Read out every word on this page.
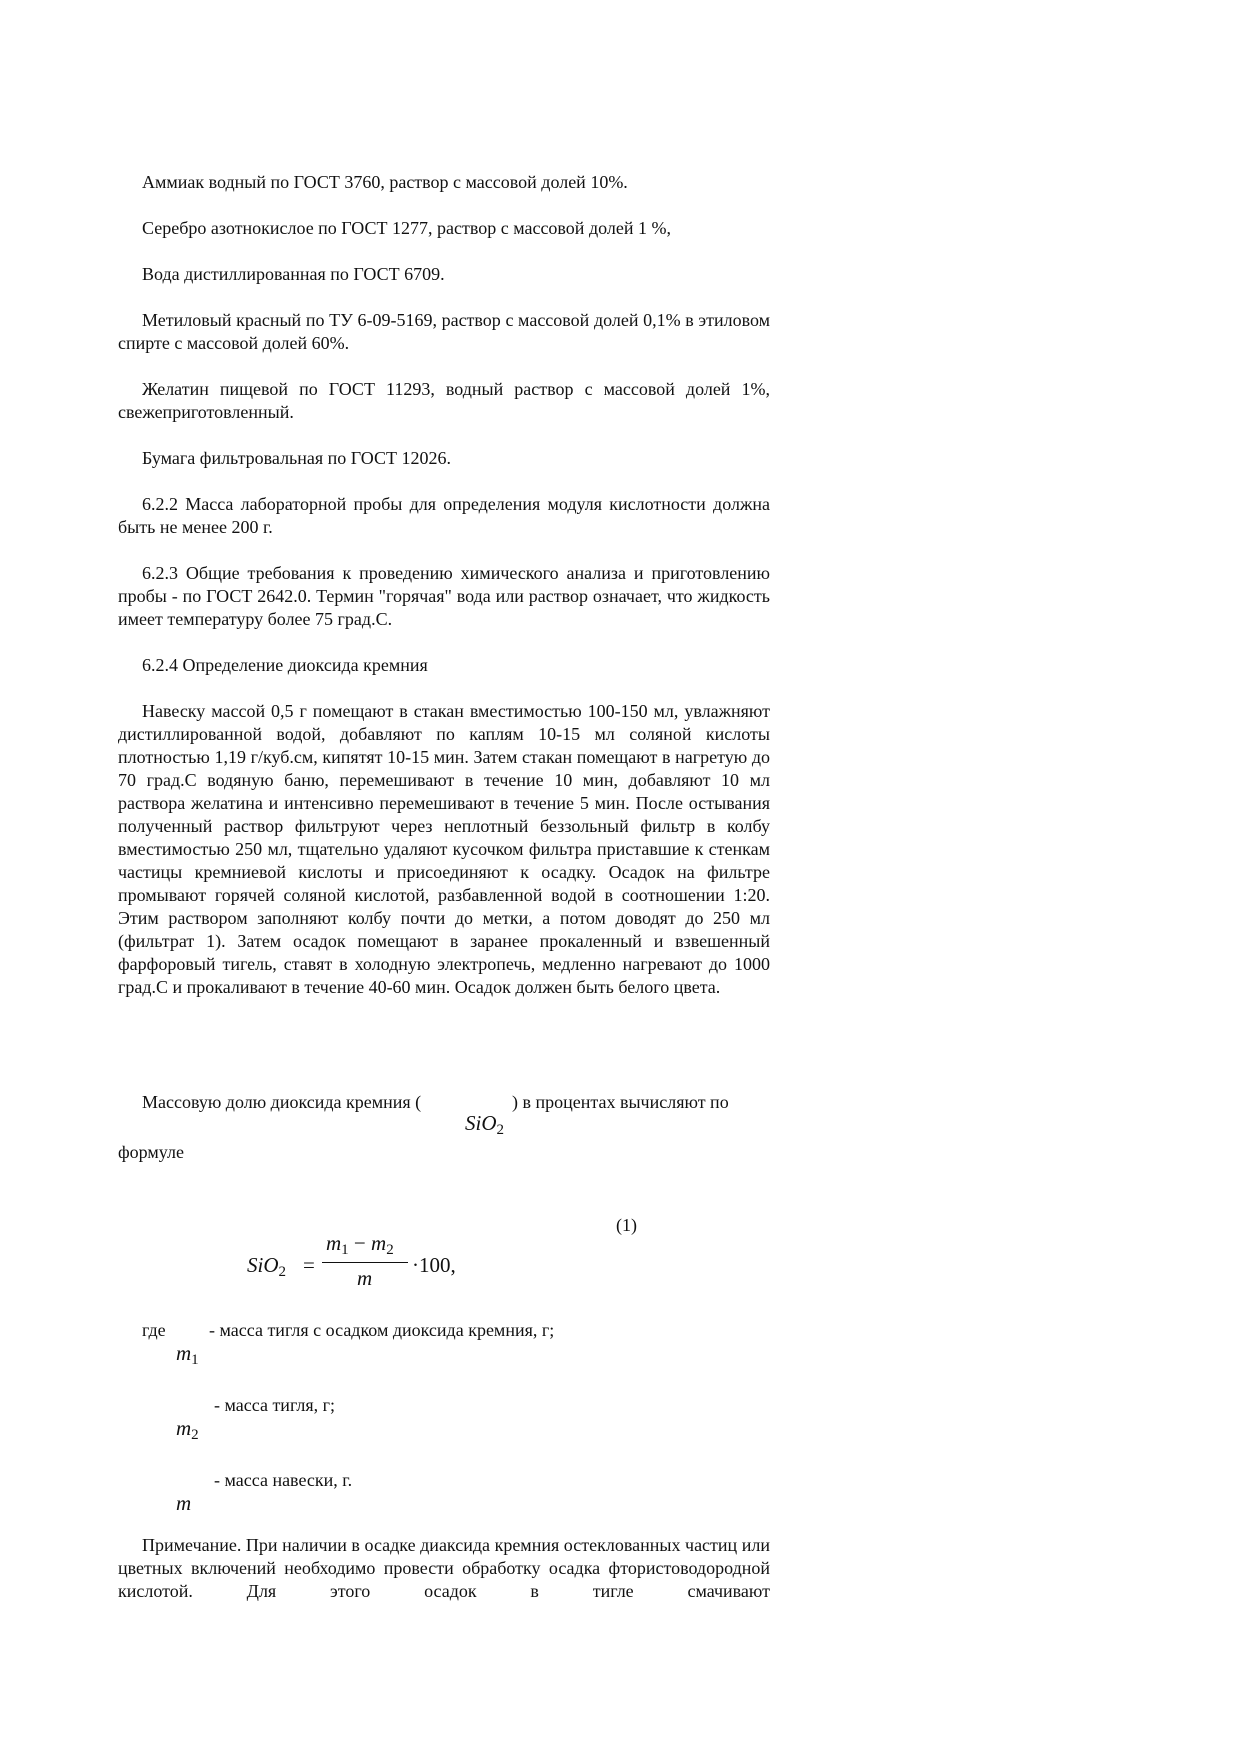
Аммиак водный по ГОСТ 3760, раствор с массовой долей 10%.

Серебро азотнокислое по ГОСТ 1277, раствор с массовой долей 1 %,

Вода дистиллированная по ГОСТ 6709.

Метиловый красный по ТУ 6-09-5169, раствор с массовой долей 0,1% в этиловом спирте с массовой долей 60%.

Желатин пищевой по ГОСТ 11293, водный раствор с массовой долей 1%, свежеприготовленный.

Бумага фильтровальная по ГОСТ 12026.

6.2.2 Масса лабораторной пробы для определения модуля кислотности должна быть не менее 200 г.

6.2.3 Общие требования к проведению химического анализа и приготовлению пробы - по ГОСТ 2642.0. Термин "горячая" вода или раствор означает, что жидкость имеет температуру более 75 град.С.

6.2.4 Определение диоксида кремния

Навеску массой 0,5 г помещают в стакан вместимостью 100-150 мл, увлажняют дистиллированной водой, добавляют по каплям 10-15 мл соляной кислоты плотностью 1,19 г/куб.см, кипятят 10-15 мин. Затем стакан помещают в нагретую до 70 град.С водяную баню, перемешивают в течение 10 мин, добавляют 10 мл раствора желатина и интенсивно перемешивают в течение 5 мин. После остывания полученный раствор фильтруют через неплотный беззольный фильтр в колбу вместимостью 250 мл, тщательно удаляют кусочком фильтра приставшие к стенкам частицы кремниевой кислоты и присоединяют к осадку. Осадок на фильтре промывают горячей соляной кислотой, разбавленной водой в соотношении 1:20. Этим раствором заполняют колбу почти до метки, а потом доводят до 250 мл (фильтрат 1). Затем осадок помещают в заранее прокаленный и взвешенный фарфоровый тигель, ставят в холодную электропечь, медленно нагревают до 1000 град.С и прокаливают в течение 40-60 мин. Осадок должен быть белого цвета.

Массовую долю диоксида кремния (	) в процентах вычисляют по
SiO$_2$
формуле
(1)
SiO$_2$ =
$m_1 - m_2$
m
·100,
где - масса тигля с осадком диоксида кремния, г;
$m_1$
- масса тигля, г;
$m_2$
- масса навески, г.
m

Примечание. При наличии в осадке диаксида кремния остеклованных частиц или цветных включений необходимо провести обработку осадка фтористоводородной кислотой. Для этого осадок в тигле смачивают
